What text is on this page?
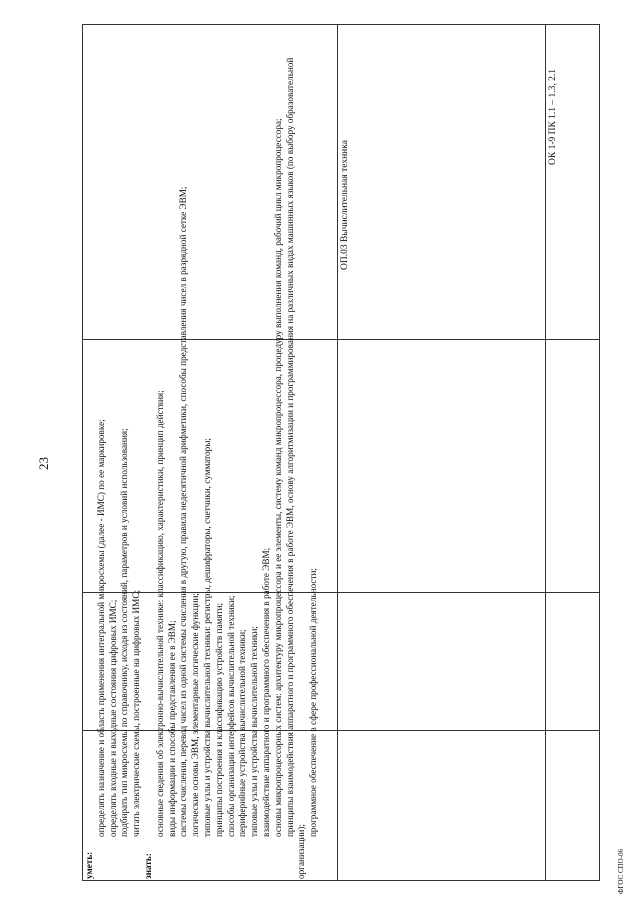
23

уметь:

определять назначение и область применения интегральной микросхемы (далее - ИМС) по ее маркировке; определять входные и выходные состояния цифровых ИМС; подбирать тип микросхемы по справочнику, исходя из состояний, параметров и условий использования; читать электрические схемы, построенные на цифровых ИМС;

знать:

основные сведения об электронно-вычислительной технике: классификацию, характеристики, принцип действия; виды информации и способы представления ее в ЭВМ; системы счисления, перевод чисел из одной системы счисления в другую, правила недесятичной арифметики, способы представления чисел в разрядной сетке ЭВМ; логические основы ЭВМ, элементарные логические функции; типовые узлы и устройства вычислительной техники: регистры, дешифраторы, счетчики, сумматоры; принципы построения и классификацию устройств памяти; способы организации интерфейсов вычислительной техники; периферийные устройства вычислительной техники; типовые узлы и устройства вычислительной техники; взаимодействие аппаратного и программного обеспечения в работе ЭВМ; основы микропроцессорных систем: архитектуру микропроцессора и ее элементы, систему команд микропроцессора, процедуру выполнения команд, рабочий цикл микропроцессора; принципы взаимодействия аппаратного и программного обеспечения в работе ЭВМ, основу алгоритмизации и программирования на различных видах машинных языков (по выбору образовательной организации);

программное обеспечение в сфере профессиональной деятельности;

ОП.03 Вычислительная техника
ОК 1-9 ПК 1.1 – 1.3, 2.1
ФГОС СПО-06
